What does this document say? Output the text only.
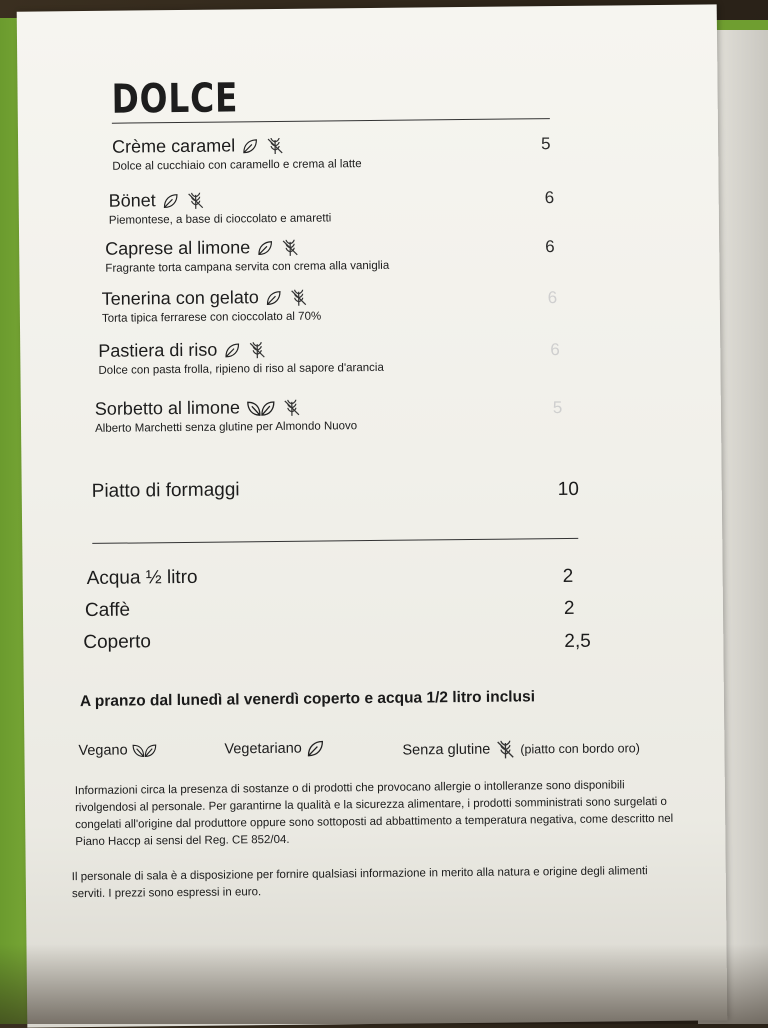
DOLCE
Crème caramel
Dolce al cucchiaio con caramello e crema al latte
5
Bönet
Piemontese, a base di cioccolato e amaretti
6
Caprese al limone
Fragrante torta campana servita con crema alla vaniglia
6
Tenerina con gelato
Torta tipica ferrarese con cioccolato al 70%
6
Pastiera di riso
Dolce con pasta frolla, ripieno di riso al sapore d'arancia
6
Sorbetto al limone
Alberto Marchetti senza glutine per Almondo Nuovo
5
Piatto di formaggi	10
Acqua ½ litro	2
Caffè	2
Coperto	2,5
A pranzo dal lunedì al venerdì coperto e acqua 1/2 litro inclusi
Vegano	Vegetariano	Senza glutine (piatto con bordo oro)
Informazioni circa la presenza di sostanze o di prodotti che provocano allergie o intolleranze sono disponibili rivolgendosi al personale. Per garantirne la qualità e la sicurezza alimentare, i prodotti somministrati sono surgelati o congelati all'origine dal produttore oppure sono sottoposti ad abbattimento a temperatura negativa, come descritto nel Piano Haccp ai sensi del Reg. CE 852/04.
Il personale di sala è a disposizione per fornire qualsiasi informazione in merito alla natura e origine degli alimenti serviti. I prezzi sono espressi in euro.
